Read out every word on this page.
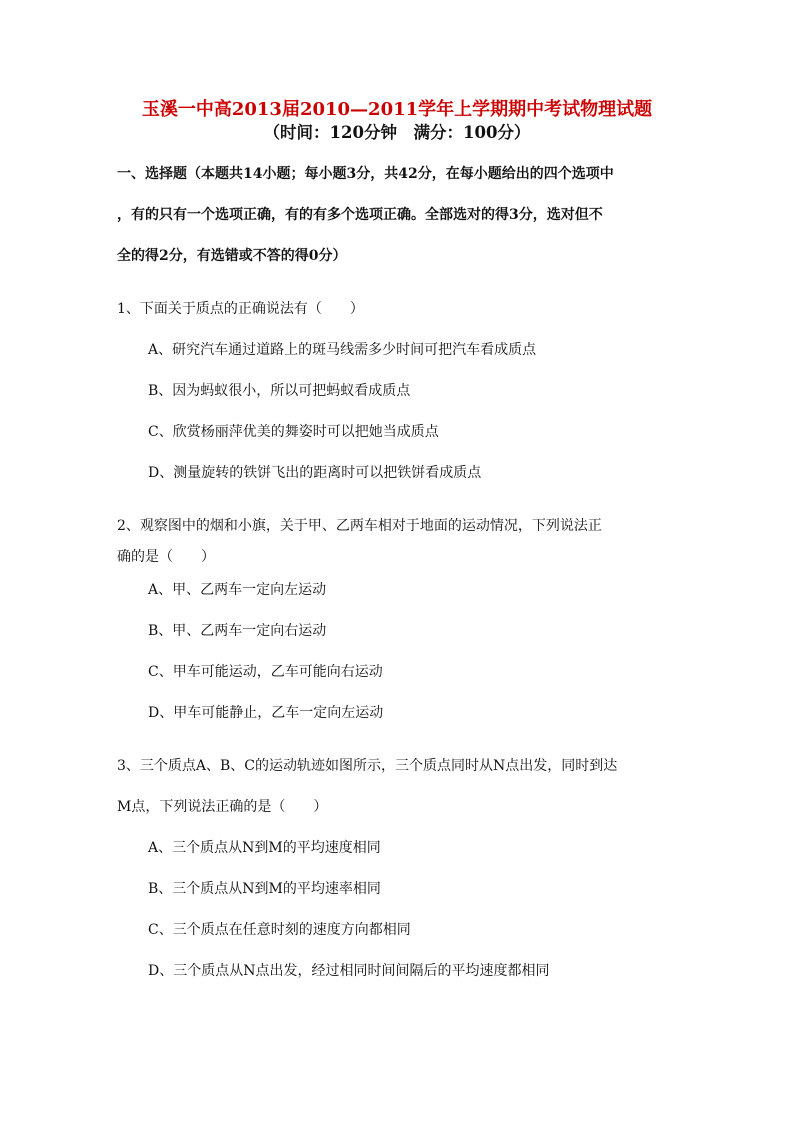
玉溪一中高2013届2010—2011学年上学期期中考试物理试题
（时间：120分钟　满分：100分）
一、选择题（本题共14小题；每小题3分，共42分，在每小题给出的四个选项中
，有的只有一个选项正确，有的有多个选项正确。全部选对的得3分，选对但不
全的得2分，有选错或不答的得0分）
1、下面关于质点的正确说法有（　　）
A、研究汽车通过道路上的斑马线需多少时间可把汽车看成质点
B、因为蚂蚁很小，所以可把蚂蚁看成质点
C、欣赏杨丽萍优美的舞姿时可以把她当成质点
D、测量旋转的铁饼飞出的距离时可以把铁饼看成质点
2、观察图中的烟和小旗，关于甲、乙两车相对于地面的运动情况，下列说法正
确的是（　　）
A、甲、乙两车一定向左运动
B、甲、乙两车一定向右运动
C、甲车可能运动，乙车可能向右运动
D、甲车可能静止，乙车一定向左运动
3、三个质点A、B、C的运动轨迹如图所示，三个质点同时从N点出发，同时到达
M点，下列说法正确的是（　　）
A、三个质点从N到M的平均速度相同
B、三个质点从N到M的平均速率相同
C、三个质点在任意时刻的速度方向都相同
D、三个质点从N点出发，经过相同时间间隔后的平均速度都相同
